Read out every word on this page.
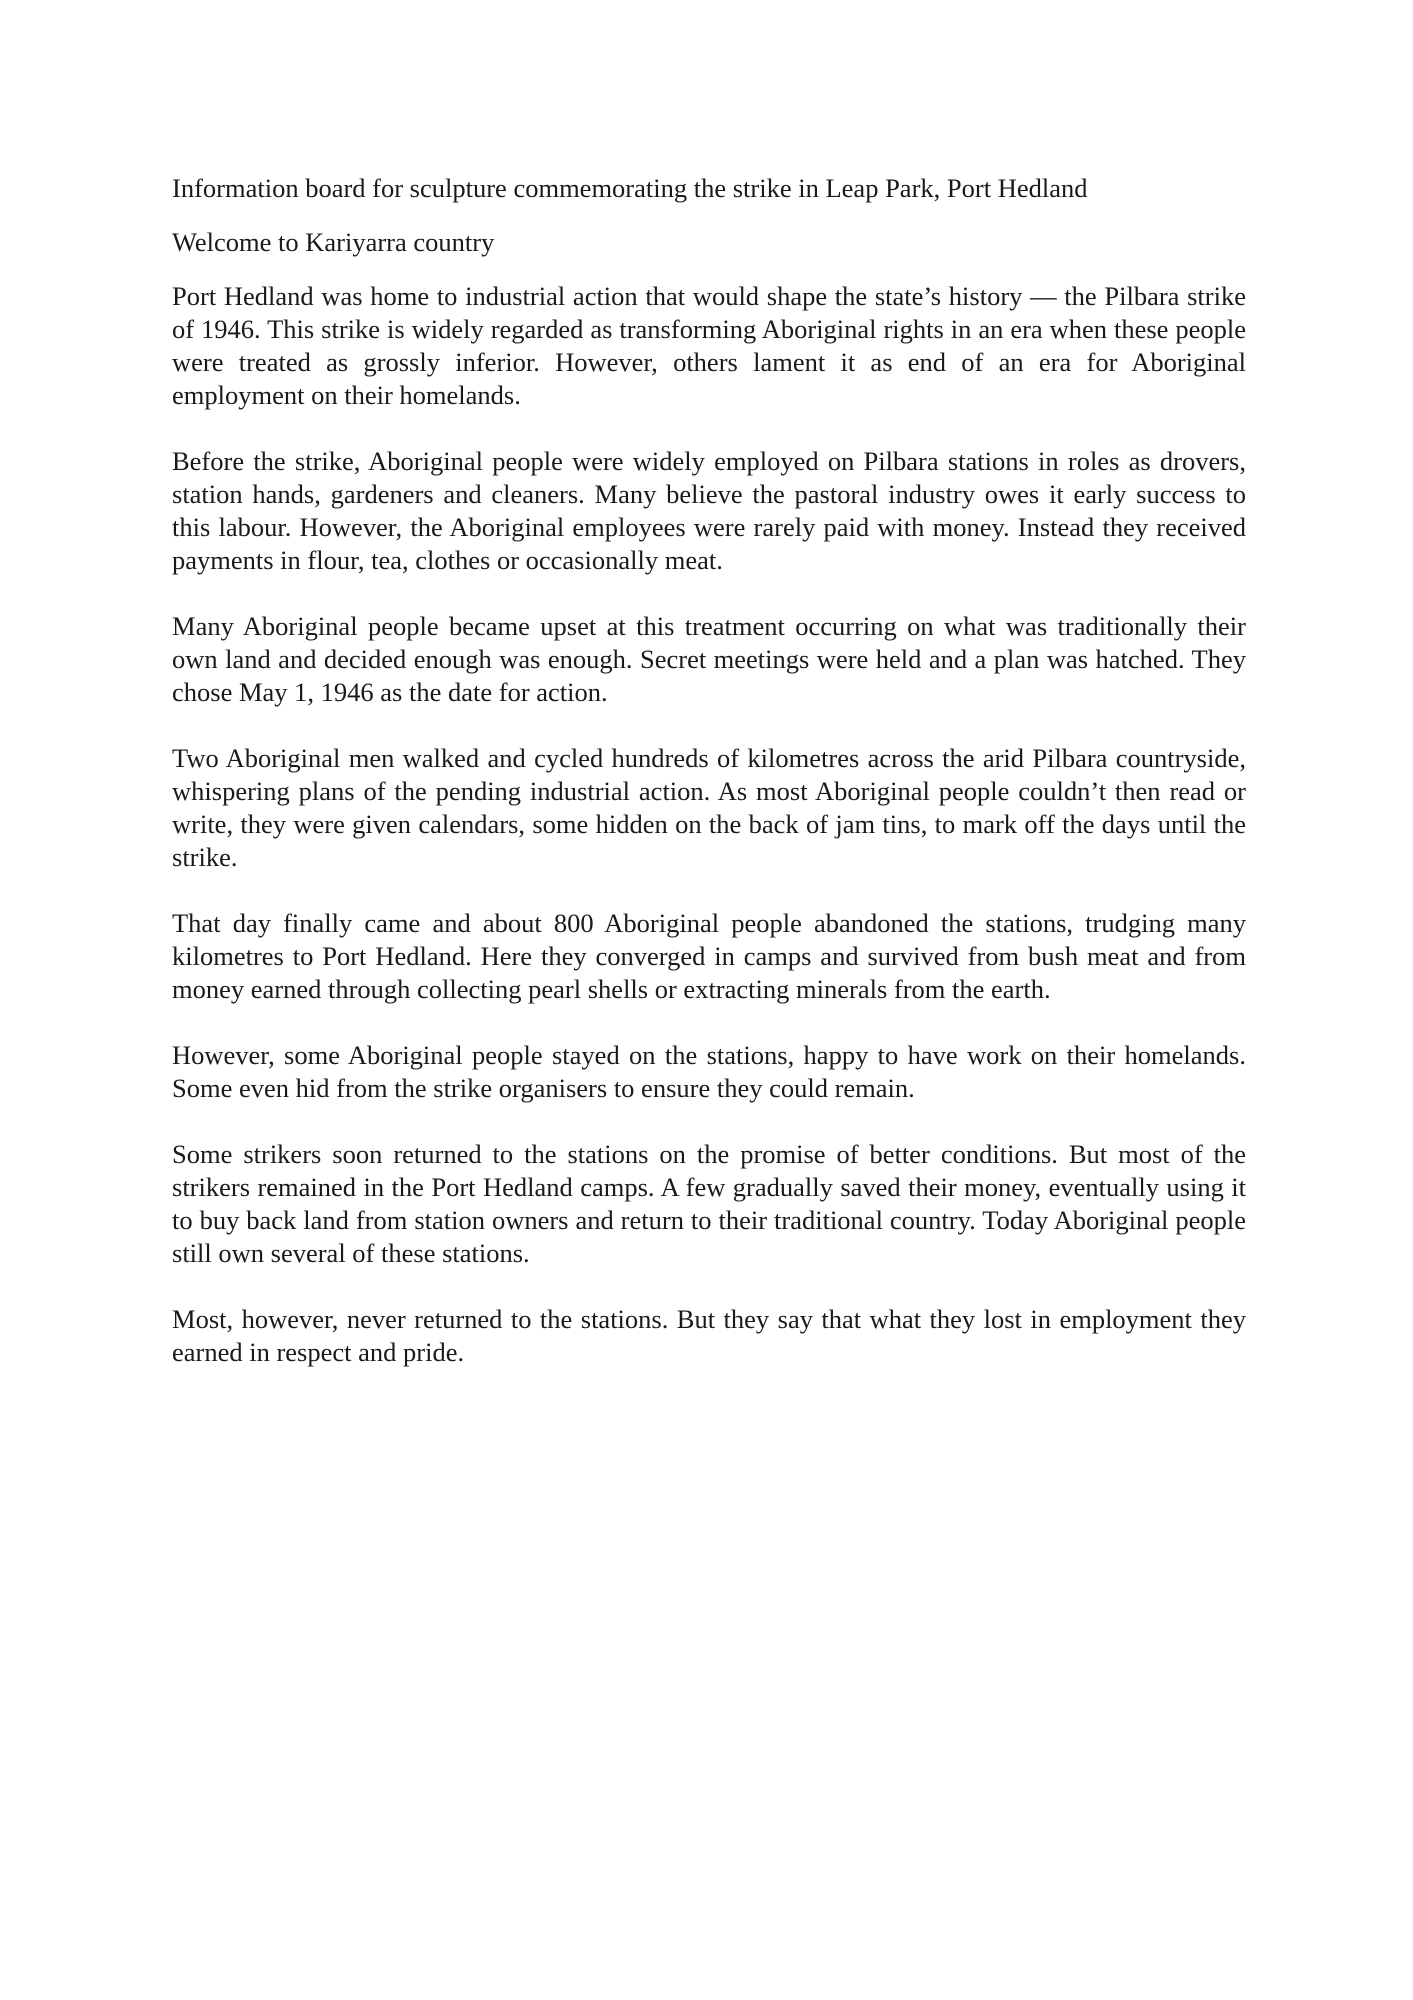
Information board for sculpture commemorating the strike in Leap Park, Port Hedland
Welcome to Kariyarra country

Port Hedland was home to industrial action that would shape the state’s history — the Pilbara strike of 1946. This strike is widely regarded as transforming Aboriginal rights in an era when these people were treated as grossly inferior. However, others lament it as end of an era for Aboriginal employment on their homelands.

Before the strike, Aboriginal people were widely employed on Pilbara stations in roles as drovers, station hands, gardeners and cleaners. Many believe the pastoral industry owes it early success to this labour. However, the Aboriginal employees were rarely paid with money. Instead they received payments in flour, tea, clothes or occasionally meat.

Many Aboriginal people became upset at this treatment occurring on what was traditionally their own land and decided enough was enough. Secret meetings were held and a plan was hatched. They chose May 1, 1946 as the date for action.

Two Aboriginal men walked and cycled hundreds of kilometres across the arid Pilbara countryside, whispering plans of the pending industrial action. As most Aboriginal people couldn’t then read or write, they were given calendars, some hidden on the back of jam tins, to mark off the days until the strike.

That day finally came and about 800 Aboriginal people abandoned the stations, trudging many kilometres to Port Hedland. Here they converged in camps and survived from bush meat and from money earned through collecting pearl shells or extracting minerals from the earth.

However, some Aboriginal people stayed on the stations, happy to have work on their homelands. Some even hid from the strike organisers to ensure they could remain.

Some strikers soon returned to the stations on the promise of better conditions. But most of the strikers remained in the Port Hedland camps. A few gradually saved their money, eventually using it to buy back land from station owners and return to their traditional country. Today Aboriginal people still own several of these stations.

Most, however, never returned to the stations. But they say that what they lost in employment they earned in respect and pride.
